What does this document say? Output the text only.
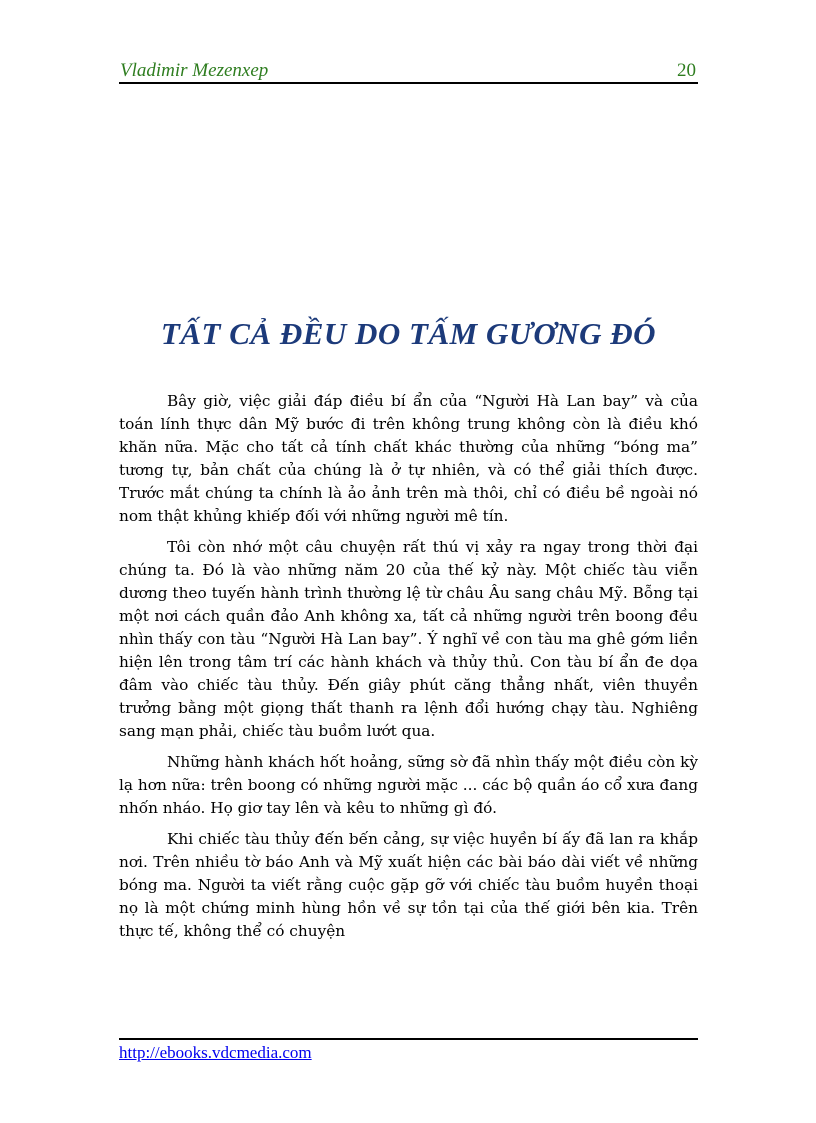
Vladimir Mezenxep	20
TẤT CẢ ĐỀU DO TẤM GƯƠNG ĐÓ

Bây giờ, việc giải đáp điều bí ẩn của “Người Hà Lan bay” và của toán lính thực dân Mỹ bước đi trên không trung không còn là điều khó khăn nữa. Mặc cho tất cả tính chất khác thường của những “bóng ma” tương tự, bản chất của chúng là ở tự nhiên, và có thể giải thích được. Trước mắt chúng ta chính là ảo ảnh trên mà thôi, chỉ có điều bề ngoài nó nom thật khủng khiếp đối với những người mê tín.

Tôi còn nhớ một câu chuyện rất thú vị xảy ra ngay trong thời đại chúng ta. Đó là vào những năm 20 của thế kỷ này. Một chiếc tàu viễn dương theo tuyến hành trình thường lệ từ châu Âu sang châu Mỹ. Bỗng tại một nơi cách quần đảo Anh không xa, tất cả những người trên boong đều nhìn thấy con tàu “Người Hà Lan bay”. Ý nghĩ về con tàu ma ghê gớm liền hiện lên trong tâm trí các hành khách và thủy thủ. Con tàu bí ẩn đe dọa đâm vào chiếc tàu thủy. Đến giây phút căng thẳng nhất, viên thuyền trưởng bằng một giọng thất thanh ra lệnh đổi hướng chạy tàu. Nghiêng sang mạn phải, chiếc tàu buồm lướt qua.

Những hành khách hốt hoảng, sững sờ đã nhìn thấy một điều còn kỳ lạ hơn nữa: trên boong có những người mặc ... các bộ quần áo cổ xưa đang nhốn nháo. Họ giơ tay lên và kêu to những gì đó.

Khi chiếc tàu thủy đến bến cảng, sự việc huyền bí ấy đã lan ra khắp nơi. Trên nhiều tờ báo Anh và Mỹ xuất hiện các bài báo dài viết về những bóng ma. Người ta viết rằng cuộc gặp gỡ với chiếc tàu buồm huyền thoại nọ là một chứng minh hùng hồn về sự tồn tại của thế giới bên kia. Trên thực tế, không thể có chuyện

http://ebooks.vdcmedia.com
